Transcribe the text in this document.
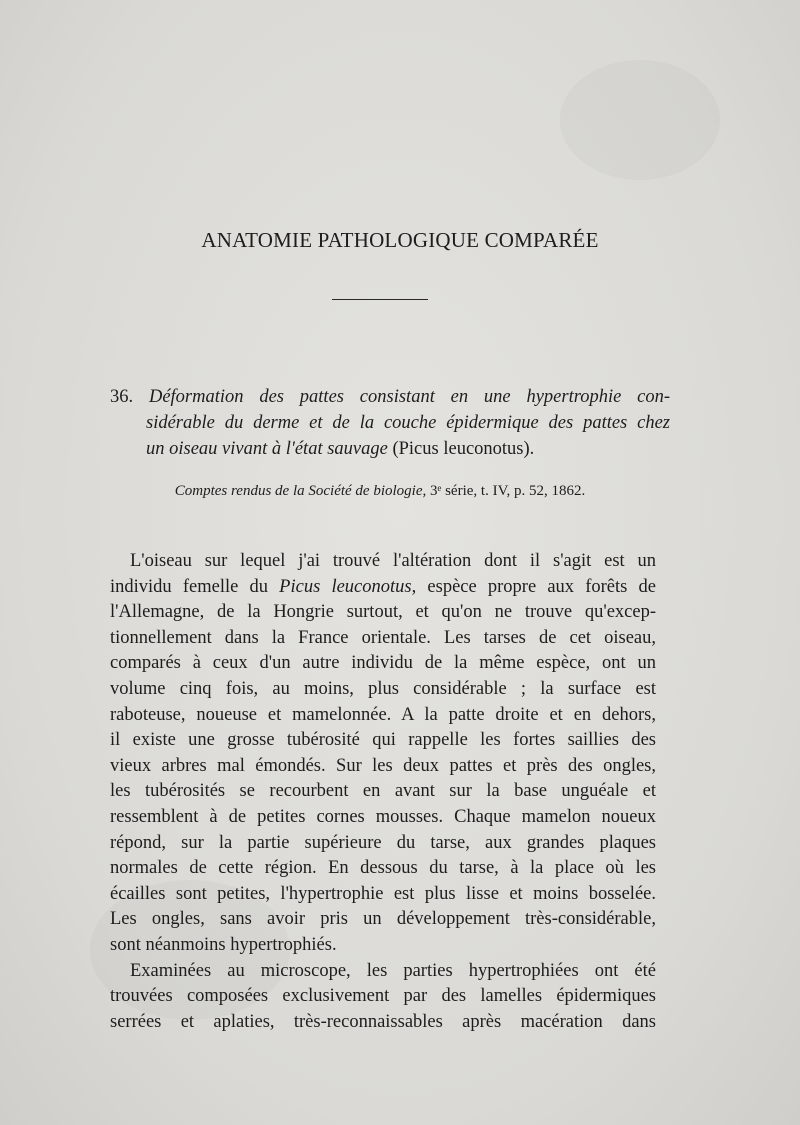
ANATOMIE PATHOLOGIQUE COMPARÉE

36. Déformation des pattes consistant en une hypertrophie con-

sidérable du derme et de la couche épidermique des pattes chez

un oiseau vivant à l'état sauvage (Picus leuconotus).

Comptes rendus de la Société de biologie, 3ᵉ série, t. IV, p. 52, 1862.
L'oiseau sur lequel j'ai trouvé l'altération dont il s'agit est un
individu femelle du Picus leuconotus, espèce propre aux forêts de
l'Allemagne, de la Hongrie surtout, et qu'on ne trouve qu'excep-
tionnellement dans la France orientale. Les tarses de cet oiseau,
comparés à ceux d'un autre individu de la même espèce, ont un
volume cinq fois, au moins, plus considérable ; la surface est
raboteuse, noueuse et mamelonnée. A la patte droite et en dehors,
il existe une grosse tubérosité qui rappelle les fortes saillies des
vieux arbres mal émondés. Sur les deux pattes et près des ongles,
les tubérosités se recourbent en avant sur la base unguéale et
ressemblent à de petites cornes mousses. Chaque mamelon noueux
répond, sur la partie supérieure du tarse, aux grandes plaques
normales de cette région. En dessous du tarse, à la place où les
écailles sont petites, l'hypertrophie est plus lisse et moins bosselée.
Les ongles, sans avoir pris un développement très-considérable,
sont néanmoins hypertrophiés.
Examinées au microscope, les parties hypertrophiées ont été
trouvées composées exclusivement par des lamelles épidermiques
serrées et aplaties, très-reconnaissables après macération dans
